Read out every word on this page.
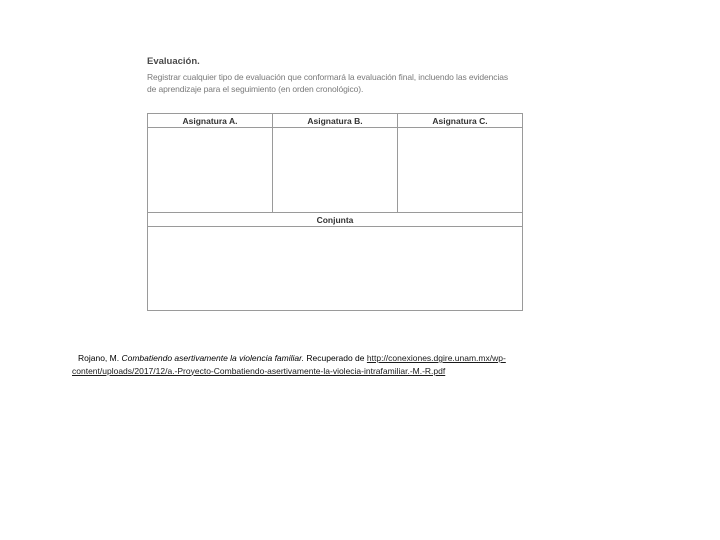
Evaluación.

Registrar cualquier tipo de evaluación que conformará la evaluación final, incluendo las evidencias de aprendizaje para el seguimiento (en orden cronológico).

Asignatura A.	Asignatura B.	Asignatura C.

Conjunta		

Rojano, M. Combatiendo asertivamente la violencia familiar. Recuperado de http://conexiones.dgire.unam.mx/wp-
content/uploads/2017/12/a.-Proyecto-Combatiendo-asertivamente-la-violecia-intrafamiliar.-M.-R.pdf
